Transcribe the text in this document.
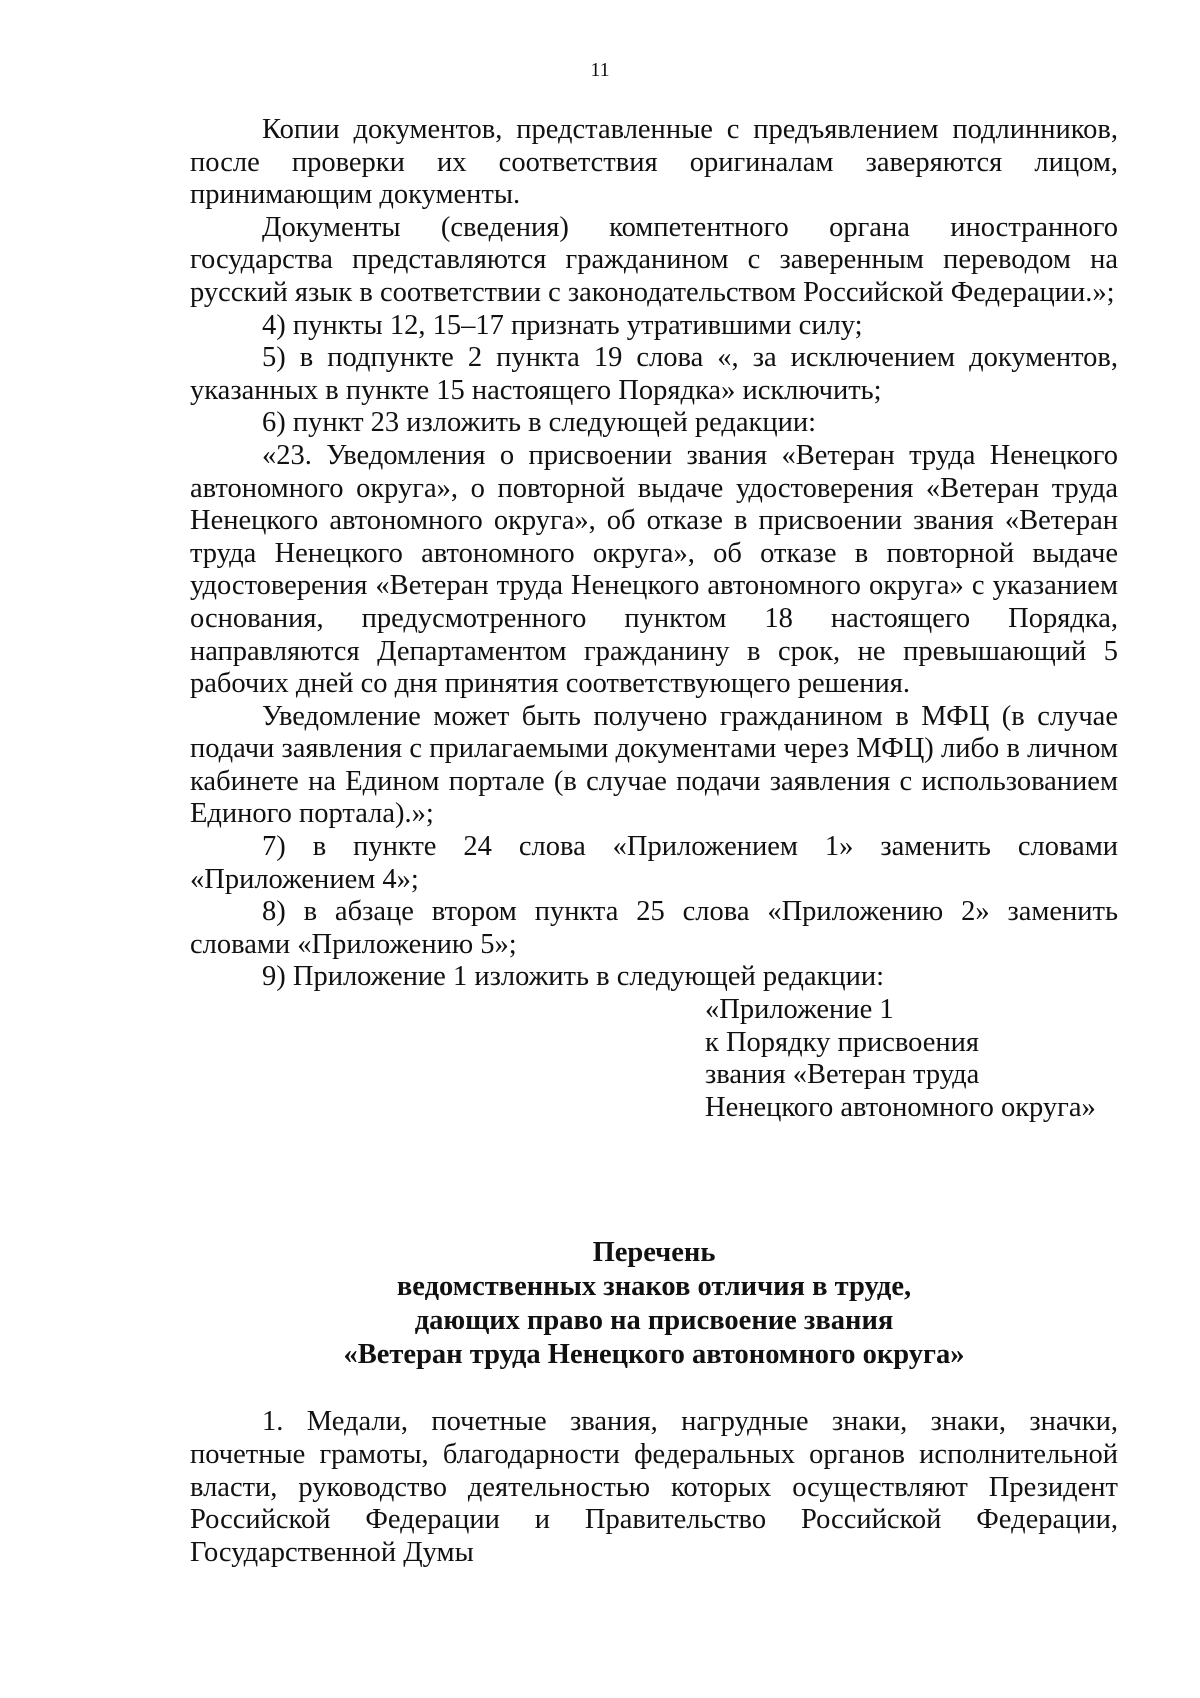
11

Копии документов, представленные с предъявлением подлинников, после проверки их соответствия оригиналам заверяются лицом, принимающим документы.

Документы (сведения) компетентного органа иностранного государства представляются гражданином с заверенным переводом на русский язык в соответствии с законодательством Российской Федерации.»;

4) пункты 12, 15–17 признать утратившими силу;

5) в подпункте 2 пункта 19 слова «, за исключением документов, указанных в пункте 15 настоящего Порядка» исключить;

6) пункт 23 изложить в следующей редакции:

«23. Уведомления о присвоении звания «Ветеран труда Ненецкого автономного округа», о повторной выдаче удостоверения «Ветеран труда Ненецкого автономного округа», об отказе в присвоении звания «Ветеран труда Ненецкого автономного округа», об отказе в повторной выдаче удостоверения «Ветеран труда Ненецкого автономного округа» с указанием основания, предусмотренного пунктом 18 настоящего Порядка, направляются Департаментом гражданину в срок, не превышающий 5 рабочих дней со дня принятия соответствующего решения.

Уведомление может быть получено гражданином в МФЦ (в случае подачи заявления с прилагаемыми документами через МФЦ) либо в личном кабинете на Едином портале (в случае подачи заявления с использованием Единого портала).»;

7) в пункте 24 слова «Приложением 1» заменить словами «Приложением 4»;

8) в абзаце втором пункта 25 слова «Приложению 2» заменить словами «Приложению 5»;

9) Приложение 1 изложить в следующей редакции:

«Приложение 1
к Порядку присвоения
звания «Ветеран труда
Ненецкого автономного округа»
Перечень
ведомственных знаков отличия в труде,
дающих право на присвоение звания
«Ветеран труда Ненецкого автономного округа»

1. Медали, почетные звания, нагрудные знаки, знаки, значки, почетные грамоты, благодарности федеральных органов исполнительной власти, руководство деятельностью которых осуществляют Президент Российской Федерации и Правительство Российской Федерации, Государственной Думы
